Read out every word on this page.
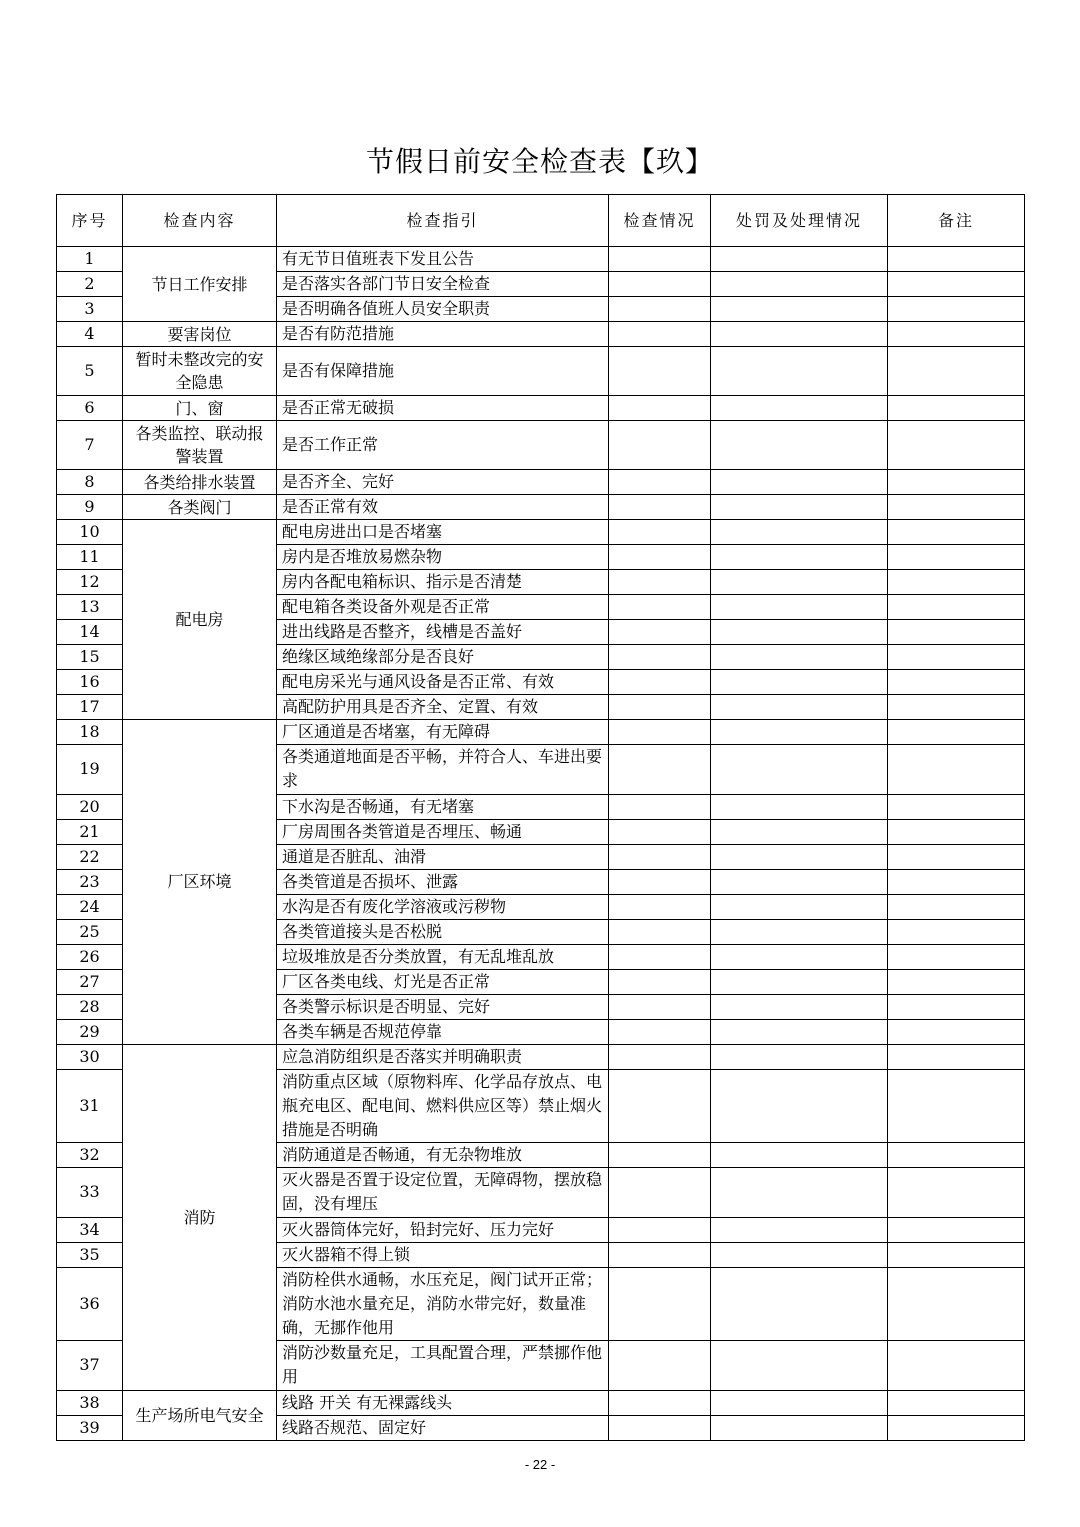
节假日前安全检查表【玖】
序号	检查内容	检查指引	检查情况	处罚及处理情况	备注
1	节日工作安排	有无节日值班表下发且公告			
2		是否落实各部门节日安全检查			
3		是否明确各值班人员安全职责			
4	要害岗位	是否有防范措施			
5	暂时未整改完的安全隐患	是否有保障措施			
6	门、窗	是否正常无破损			
7	各类监控、联动报警装置	是否工作正常			
8	各类给排水装置	是否齐全、完好			
9	各类阀门	是否正常有效			
10	配电房	配电房进出口是否堵塞			
11		房内是否堆放易燃杂物			
12		房内各配电箱标识、指示是否清楚			
13		配电箱各类设备外观是否正常			
14		进出线路是否整齐，线槽是否盖好			
15		绝缘区域绝缘部分是否良好			
16		配电房采光与通风设备是否正常、有效			
17		高配防护用具是否齐全、定置、有效			
18	厂区环境	厂区通道是否堵塞，有无障碍			
19		各类通道地面是否平畅，并符合人、车进出要求			
20		下水沟是否畅通，有无堵塞			
21		厂房周围各类管道是否埋压、畅通			
22		通道是否脏乱、油滑			
23		各类管道是否损坏、泄露			
24		水沟是否有废化学溶液或污秽物			
25		各类管道接头是否松脱			
26		垃圾堆放是否分类放置，有无乱堆乱放			
27		厂区各类电线、灯光是否正常			
28		各类警示标识是否明显、完好			
29		各类车辆是否规范停靠			
30	消防	应急消防组织是否落实并明确职责			
31		消防重点区域（原物料库、化学品存放点、电瓶充电区、配电间、燃料供应区等）禁止烟火措施是否明确			
32		消防通道是否畅通，有无杂物堆放			
33		灭火器是否置于设定位置，无障碍物，摆放稳固，没有埋压			
34		灭火器筒体完好，铅封完好、压力完好			
35		灭火器箱不得上锁			
36		消防栓供水通畅，水压充足，阀门试开正常；消防水池水量充足，消防水带完好，数量准确，无挪作他用			
37		消防沙数量充足，工具配置合理，严禁挪作他用			
38	生产场所电气安全	线路 开关 有无裸露线头			
39		线路否规范、固定好			
- 22 -
